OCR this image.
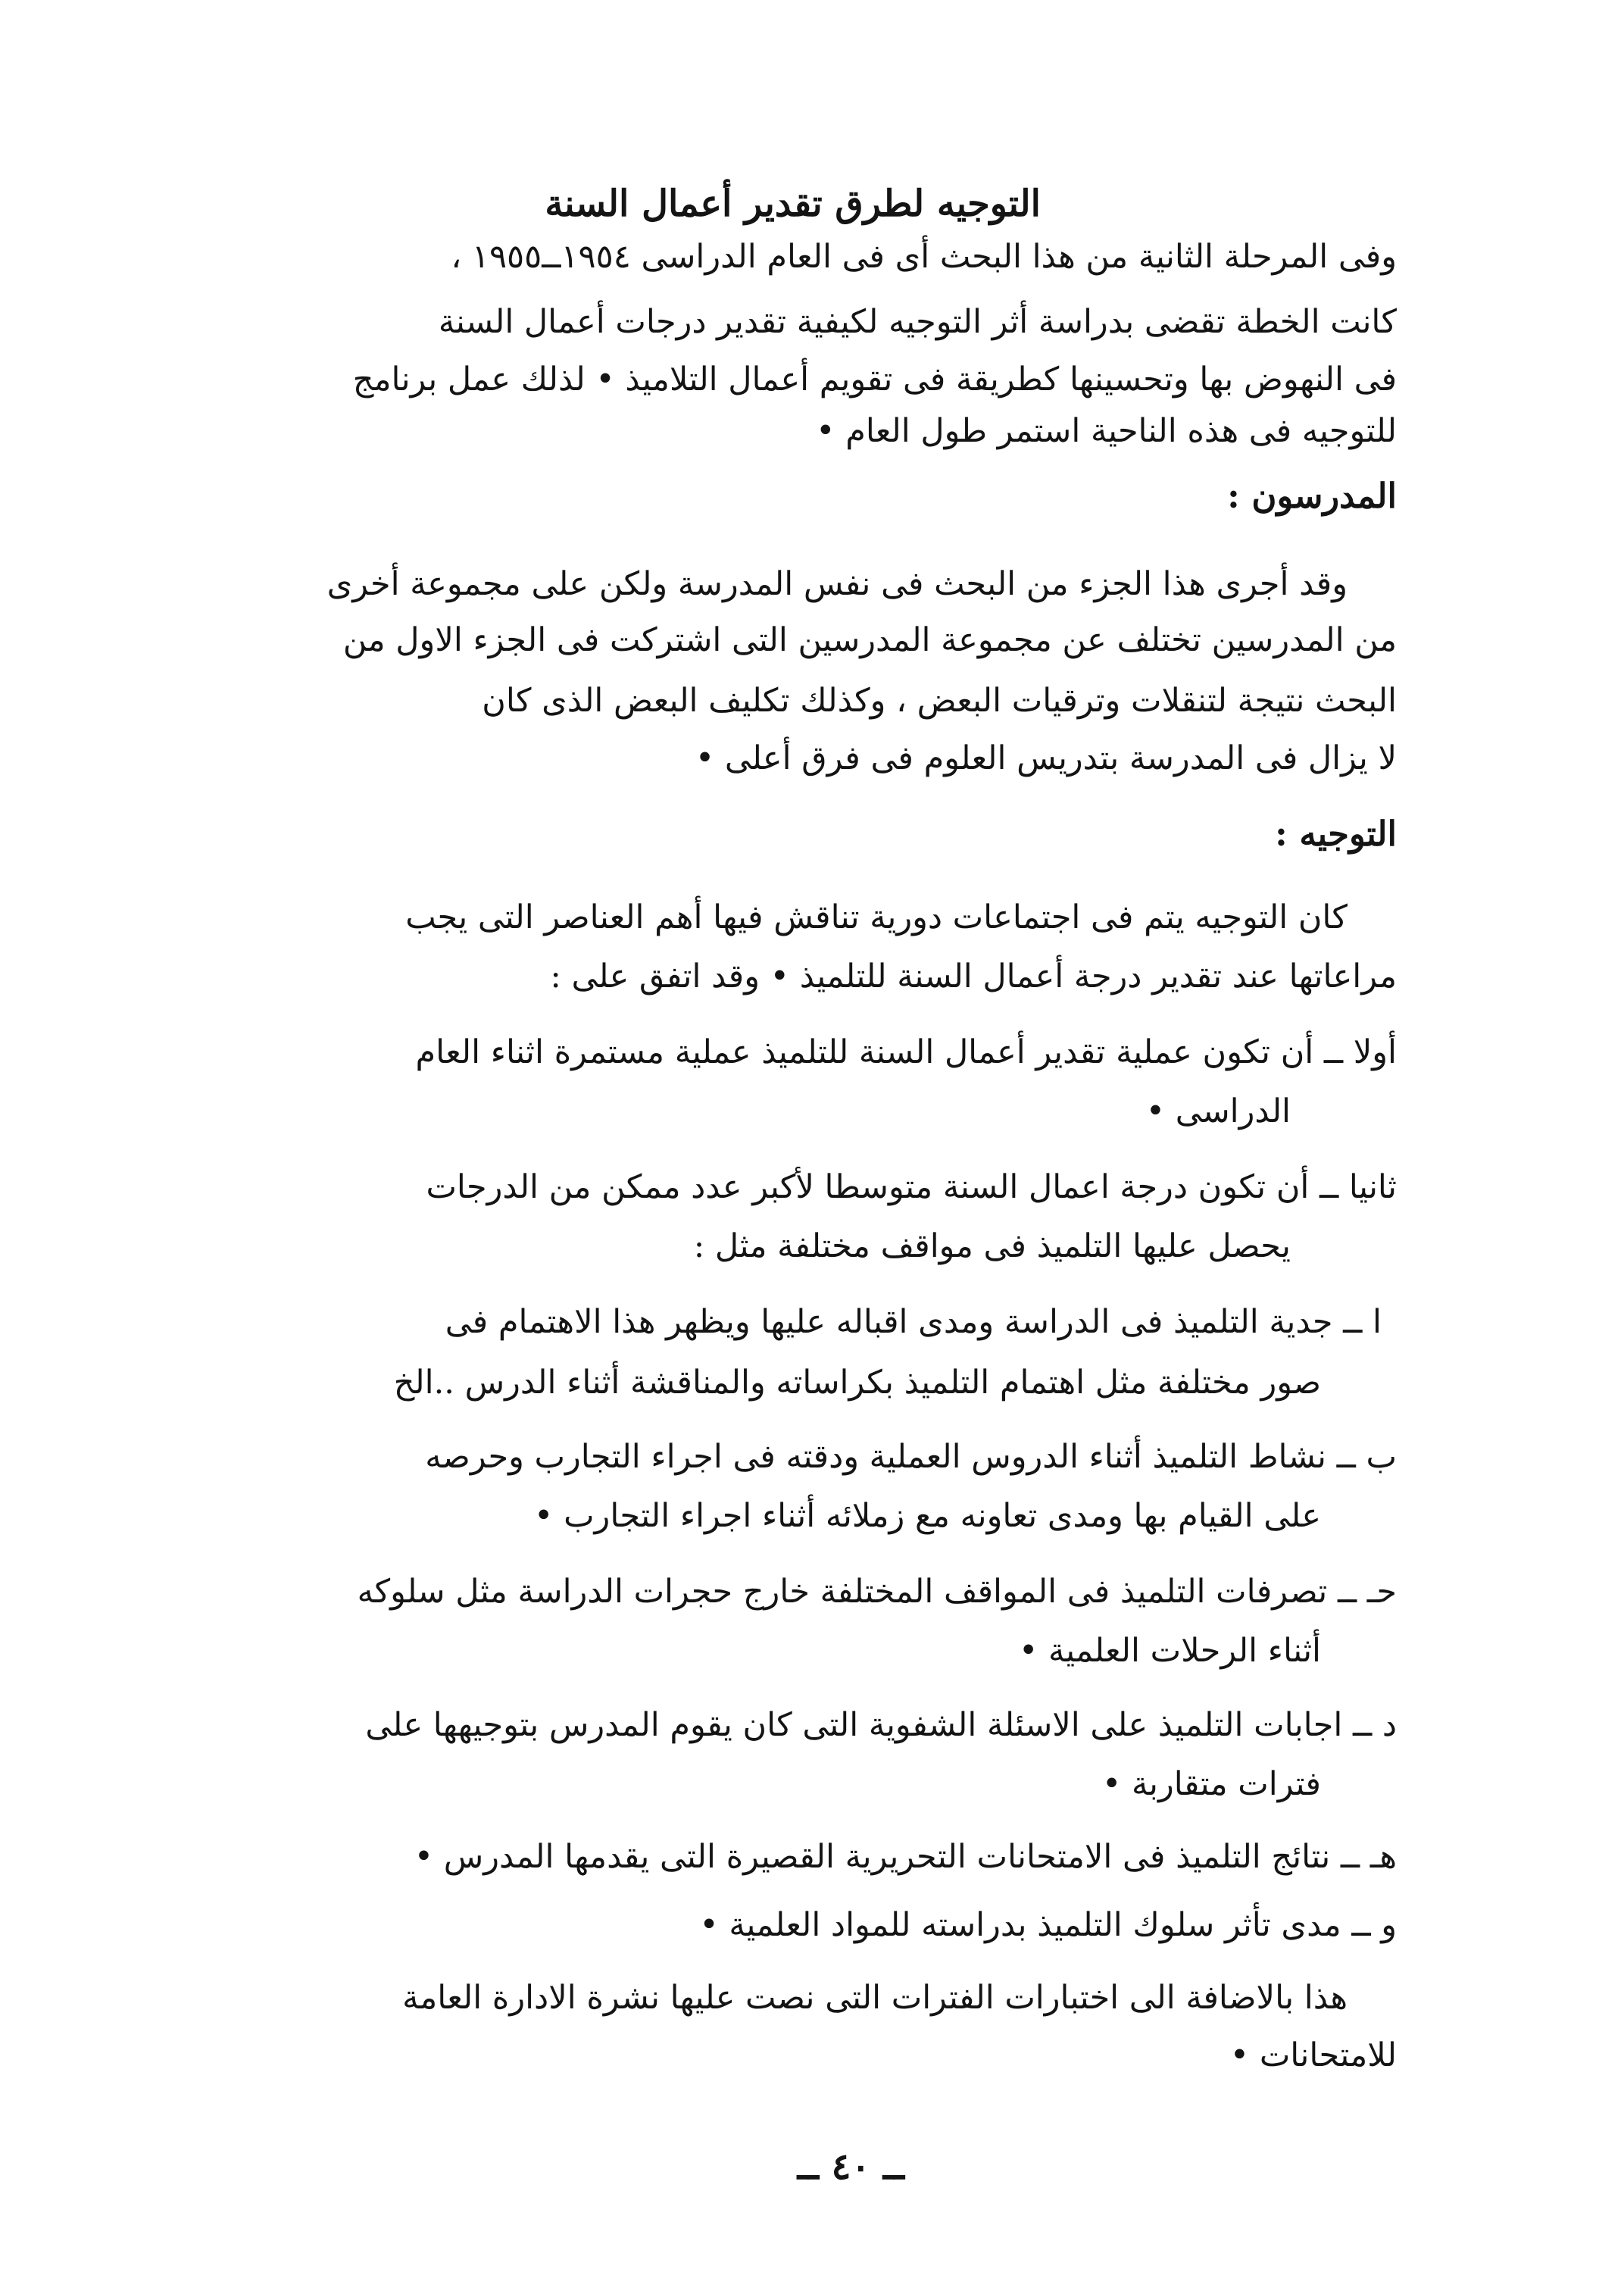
التوجيه لطرق تقدير أعمال السنة
وفى المرحلة الثانية من هذا البحث أى فى العام الدراسى ١٩٥٤ــ١٩٥٥ ،
كانت الخطة تقضى بدراسة أثر التوجيه لكيفية تقدير درجات أعمال السنة
فى النهوض بها وتحسينها كطريقة فى تقويم أعمال التلاميذ • لذلك عمل برنامج
للتوجيه فى هذه الناحية استمر طول العام •
المدرسون :
وقد أجرى هذا الجزء من البحث فى نفس المدرسة ولكن على مجموعة أخرى
من المدرسين تختلف عن مجموعة المدرسين التى اشتركت فى الجزء الاول من
البحث نتيجة لتنقلات وترقيات البعض ، وكذلك تكليف البعض الذى كان
لا يزال فى المدرسة بتدريس العلوم فى فرق أعلى •
التوجيه :
كان التوجيه يتم فى اجتماعات دورية تناقش فيها أهم العناصر التى يجب
مراعاتها عند تقدير درجة أعمال السنة للتلميذ • وقد اتفق على :
أولا ــ أن تكون عملية تقدير أعمال السنة للتلميذ عملية مستمرة اثناء العام
الدراسى •
ثانيا ــ أن تكون درجة اعمال السنة متوسطا لأكبر عدد ممكن من الدرجات
يحصل عليها التلميذ فى مواقف مختلفة مثل :
ا ــ جدية التلميذ فى الدراسة ومدى اقباله عليها ويظهر هذا الاهتمام فى
صور مختلفة مثل اهتمام التلميذ بكراساته والمناقشة أثناء الدرس ..الخ
ب ــ نشاط التلميذ أثناء الدروس العملية ودقته فى اجراء التجارب وحرصه
على القيام بها ومدى تعاونه مع زملائه أثناء اجراء التجارب •
حـ ــ تصرفات التلميذ فى المواقف المختلفة خارج حجرات الدراسة مثل سلوكه
أثناء الرحلات العلمية •
د ــ اجابات التلميذ على الاسئلة الشفوية التى كان يقوم المدرس بتوجيهها على
فترات متقاربة •
هـ ــ نتائج التلميذ فى الامتحانات التحريرية القصيرة التى يقدمها المدرس •
و ــ مدى تأثر سلوك التلميذ بدراسته للمواد العلمية •
هذا بالاضافة الى اختبارات الفترات التى نصت عليها نشرة الادارة العامة
للامتحانات •
ــ ٤٠ ــ
